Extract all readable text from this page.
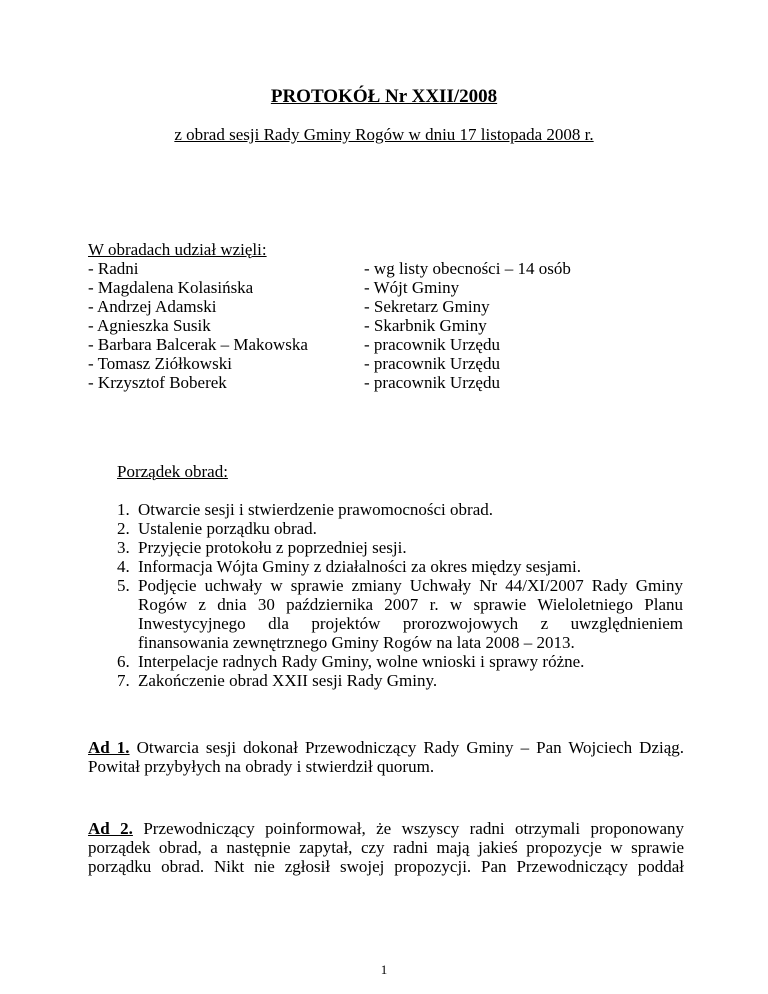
PROTOKÓŁ Nr XXII/2008
z obrad sesji Rady Gminy Rogów w dniu 17 listopada 2008 r.
W obradach udział wzięli:
- Radni
- Magdalena Kolasińska
- Andrzej Adamski
- Agnieszka Susik
- Barbara Balcerak – Makowska
- Tomasz Ziółkowski
- Krzysztof Boberek
- wg listy obecności – 14 osób
- Wójt Gminy
- Sekretarz Gminy
- Skarbnik Gminy
- pracownik Urzędu
- pracownik Urzędu
- pracownik Urzędu
Porządek obrad:
1. Otwarcie sesji i stwierdzenie prawomocności obrad.
2. Ustalenie porządku obrad.
3. Przyjęcie protokołu z poprzedniej sesji.
4. Informacja Wójta Gminy z działalności za okres między sesjami.
5. Podjęcie uchwały w sprawie zmiany Uchwały Nr 44/XI/2007 Rady Gminy Rogów z dnia 30 października 2007 r. w sprawie Wieloletniego Planu Inwestycyjnego dla projektów prorozwojowych z uwzględnieniem finansowania zewnętrznego Gminy Rogów na lata 2008 – 2013.
6. Interpelacje radnych Rady Gminy, wolne wnioski i sprawy różne.
7. Zakończenie obrad XXII sesji Rady Gminy.
Ad 1. Otwarcia sesji dokonał Przewodniczący Rady Gminy – Pan Wojciech Dziąg.
Powitał przybyłych na obrady i stwierdził quorum.
Ad 2. Przewodniczący poinformował, że wszyscy radni otrzymali proponowany
porządek obrad, a następnie zapytał, czy radni mają jakieś propozycje w sprawie
porządku obrad. Nikt nie zgłosił swojej propozycji. Pan Przewodniczący poddał
1
